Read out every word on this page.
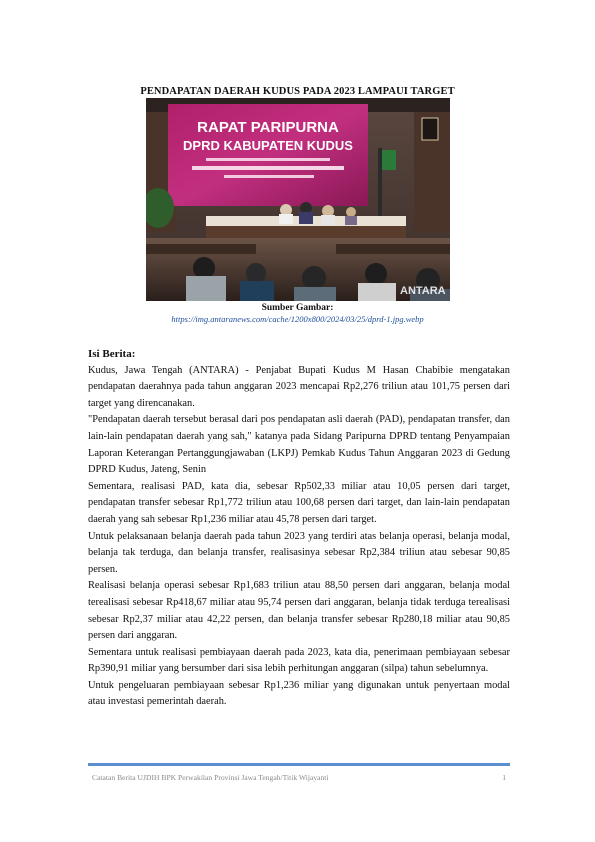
PENDAPATAN DAERAH KUDUS PADA 2023 LAMPAUI TARGET
RAPAT PARIPURNA
DPRD KABUPATEN KUDUS
ANTARA
Sumber Gambar:
https://img.antaranews.com/cache/1200x800/2024/03/25/dprd-1.jpg.webp
Isi Berita:

Kudus, Jawa Tengah (ANTARA) - Penjabat Bupati Kudus M Hasan Chabibie mengatakan pendapatan daerahnya pada tahun anggaran 2023 mencapai Rp2,276 triliun atau 101,75 persen dari target yang direncanakan.

"Pendapatan daerah tersebut berasal dari pos pendapatan asli daerah (PAD), pendapatan transfer, dan lain-lain pendapatan daerah yang sah," katanya pada Sidang Paripurna DPRD tentang Penyampaian Laporan Keterangan Pertanggungjawaban (LKPJ) Pemkab Kudus Tahun Anggaran 2023 di Gedung DPRD Kudus, Jateng, Senin

Sementara, realisasi PAD, kata dia, sebesar Rp502,33 miliar atau 10,05 persen dari target, pendapatan transfer sebesar Rp1,772 triliun atau 100,68 persen dari target, dan lain-lain pendapatan daerah yang sah sebesar Rp1,236 miliar atau 45,78 persen dari target.

Untuk pelaksanaan belanja daerah pada tahun 2023 yang terdiri atas belanja operasi, belanja modal, belanja tak terduga, dan belanja transfer, realisasinya sebesar Rp2,384 triliun atau sebesar 90,85 persen.

Realisasi belanja operasi sebesar Rp1,683 triliun atau 88,50 persen dari anggaran, belanja modal terealisasi sebesar Rp418,67 miliar atau 95,74 persen dari anggaran, belanja tidak terduga terealisasi sebesar Rp2,37 miliar atau 42,22 persen, dan belanja transfer sebesar Rp280,18 miliar atau 90,85 persen dari anggaran.

Sementara untuk realisasi pembiayaan daerah pada 2023, kata dia, penerimaan pembiayaan sebesar Rp390,91 miliar yang bersumber dari sisa lebih perhitungan anggaran (silpa) tahun sebelumnya.

Untuk pengeluaran pembiayaan sebesar Rp1,236 miliar yang digunakan untuk penyertaan modal atau investasi pemerintah daerah.

Catatan Berita UJDIH BPK Perwakilan Provinsi Jawa Tengah/Titik Wijayanti	1
